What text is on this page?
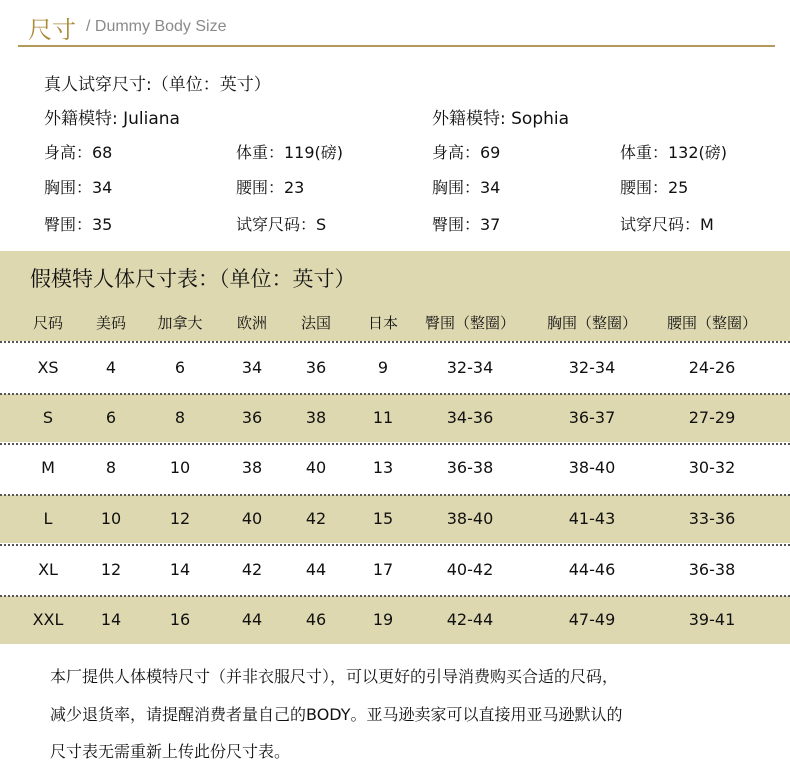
尺寸 / Dummy Body Size
真人试穿尺寸:（单位：英寸）
外籍模特: Juliana	外籍模特: Sophia
身高：68	体重：119(磅)	身高：69	体重：132(磅)
胸围：34	腰围：23	胸围：34	腰围：25
臀围：35	试穿尺码：S	臀围：37	试穿尺码：M
假模特人体尺寸表：（单位：英寸）
本厂提供人体模特尺寸（并非衣服尺寸），可以更好的引导消费购买合适的尺码，
减少退货率，请提醒消费者量自己的BODY。亚马逊卖家可以直接用亚马逊默认的
尺寸表无需重新上传此份尺寸表。
尺码	美码	加拿大	欧洲	法国	日本	臀围（整圈）	胸围（整圈）	腰围（整圈）
XS	4	6	34	36	9	32-34	32-34	24-26
S	6	8	36	38	11	34-36	36-37	27-29
M	8	10	38	40	13	36-38	38-40	30-32
L	10	12	40	42	15	38-40	41-43	33-36
XL	12	14	42	44	17	40-42	44-46	36-38
XXL	14	16	44	46	19	42-44	47-49	39-41
